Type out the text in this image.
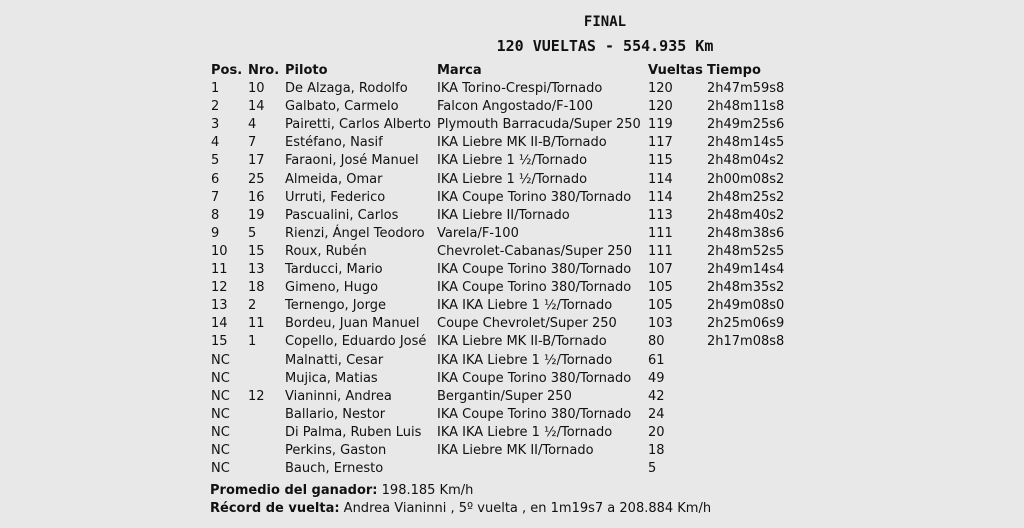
FINAL
120 VUELTAS - 554.935 Km
Pos.	Nro.	Piloto	Marca	Vueltas	Tiempo
1	10	De Alzaga, Rodolfo	IKA Torino-Crespi/Tornado	120	2h47m59s8
2	14	Galbato, Carmelo	Falcon Angostado/F-100	120	2h48m11s8
3	4	Pairetti, Carlos Alberto	Plymouth Barracuda/Super 250	119	2h49m25s6
4	7	Estéfano, Nasif	IKA Liebre MK II-B/Tornado	117	2h48m14s5
5	17	Faraoni, José Manuel	IKA Liebre 1 ½/Tornado	115	2h48m04s2
6	25	Almeida, Omar	IKA Liebre 1 ½/Tornado	114	2h00m08s2
7	16	Urruti, Federico	IKA Coupe Torino 380/Tornado	114	2h48m25s2
8	19	Pascualini, Carlos	IKA Liebre II/Tornado	113	2h48m40s2
9	5	Rienzi, Ángel Teodoro	Varela/F-100	111	2h48m38s6
10	15	Roux, Rubén	Chevrolet-Cabanas/Super 250	111	2h48m52s5
11	13	Tarducci, Mario	IKA Coupe Torino 380/Tornado	107	2h49m14s4
12	18	Gimeno, Hugo	IKA Coupe Torino 380/Tornado	105	2h48m35s2
13	2	Ternengo, Jorge	IKA IKA Liebre 1 ½/Tornado	105	2h49m08s0
14	11	Bordeu, Juan Manuel	Coupe Chevrolet/Super 250	103	2h25m06s9
15	1	Copello, Eduardo José	IKA Liebre MK II-B/Tornado	80	2h17m08s8
NC		Malnatti, Cesar	IKA IKA Liebre 1 ½/Tornado	61	
NC		Mujica, Matias	IKA Coupe Torino 380/Tornado	49	
NC	12	Vianinni, Andrea	Bergantin/Super 250	42	
NC		Ballario, Nestor	IKA Coupe Torino 380/Tornado	24	
NC		Di Palma, Ruben Luis	IKA IKA Liebre 1 ½/Tornado	20	
NC		Perkins, Gaston	IKA Liebre MK II/Tornado	18	
NC		Bauch, Ernesto		5	
Promedio del ganador: 198.185 Km/h
Récord de vuelta: Andrea Vianinni , 5º vuelta , en 1m19s7 a 208.884 Km/h
